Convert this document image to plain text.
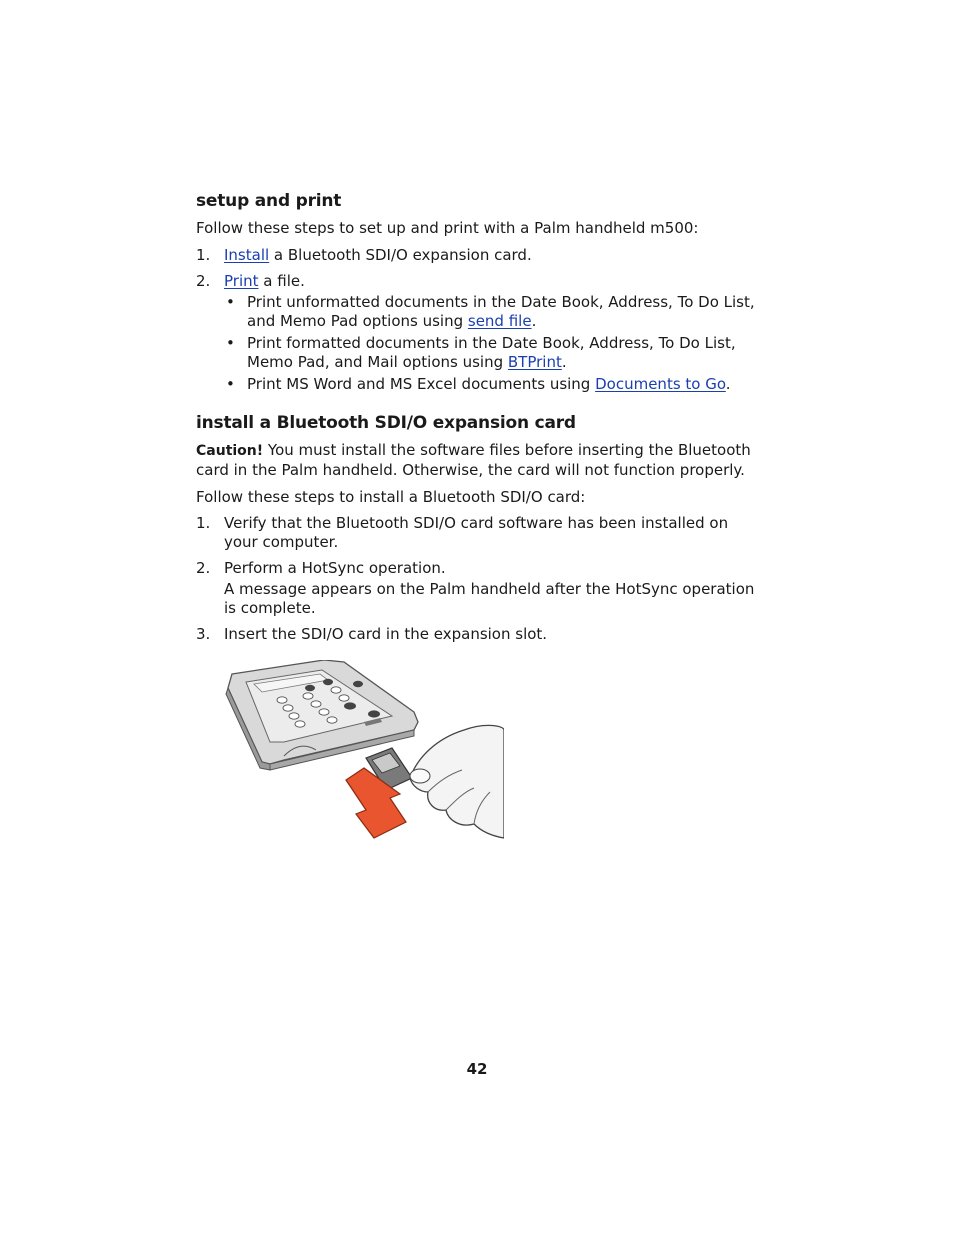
setup and print

Follow these steps to set up and print with a Palm handheld m500:

1. Install a Bluetooth SDI/O expansion card.
2. Print a file.
• Print unformatted documents in the Date Book, Address, To Do List, and Memo Pad options using send file.
• Print formatted documents in the Date Book, Address, To Do List, Memo Pad, and Mail options using BTPrint.
• Print MS Word and MS Excel documents using Documents to Go.
install a Bluetooth SDI/O expansion card

Caution! You must install the software files before inserting the Bluetooth card in the Palm handheld. Otherwise, the card will not function properly.

Follow these steps to install a Bluetooth SDI/O card:

1. Verify that the Bluetooth SDI/O card software has been installed on your computer.
2. Perform a HotSync operation.

A message appears on the Palm handheld after the HotSync operation is complete.

3. Insert the SDI/O card in the expansion slot.
42
